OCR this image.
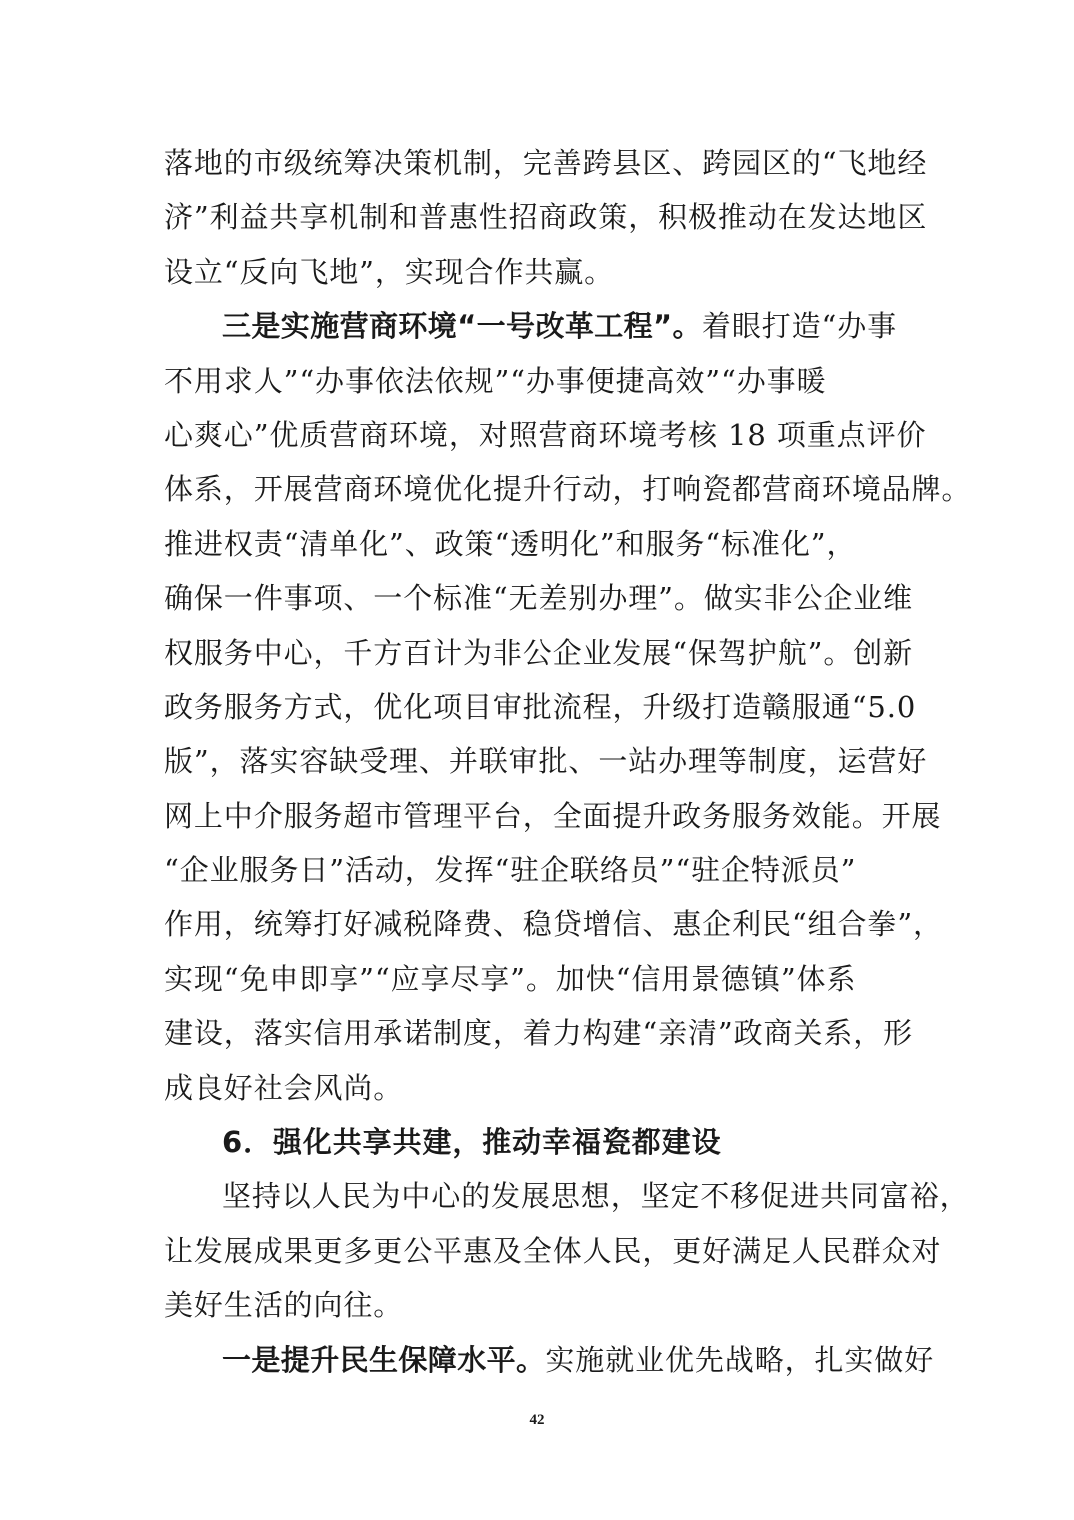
落地的市级统筹决策机制，完善跨县区、跨园区的“飞地经
济”利益共享机制和普惠性招商政策，积极推动在发达地区
设立“反向飞地”，实现合作共赢。
三是实施营商环境“一号改革工程”。着眼打造“办事
不用求人”“办事依法依规”“办事便捷高效”“办事暖
心爽心”优质营商环境，对照营商环境考核 18 项重点评价
体系，开展营商环境优化提升行动，打响瓷都营商环境品牌。
推进权责“清单化”、政策“透明化”和服务“标准化”，
确保一件事项、一个标准“无差别办理”。做实非公企业维
权服务中心，千方百计为非公企业发展“保驾护航”。创新
政务服务方式，优化项目审批流程，升级打造赣服通“5.0
版”，落实容缺受理、并联审批、一站办理等制度，运营好
网上中介服务超市管理平台，全面提升政务服务效能。开展
“企业服务日”活动，发挥“驻企联络员”“驻企特派员”
作用，统筹打好减税降费、稳贷增信、惠企利民“组合拳”，
实现“免申即享”“应享尽享”。加快“信用景德镇”体系
建设，落实信用承诺制度，着力构建“亲清”政商关系，形
成良好社会风尚。
6．强化共享共建，推动幸福瓷都建设
坚持以人民为中心的发展思想，坚定不移促进共同富裕，
让发展成果更多更公平惠及全体人民，更好满足人民群众对
美好生活的向往。
一是提升民生保障水平。实施就业优先战略，扎实做好
42
